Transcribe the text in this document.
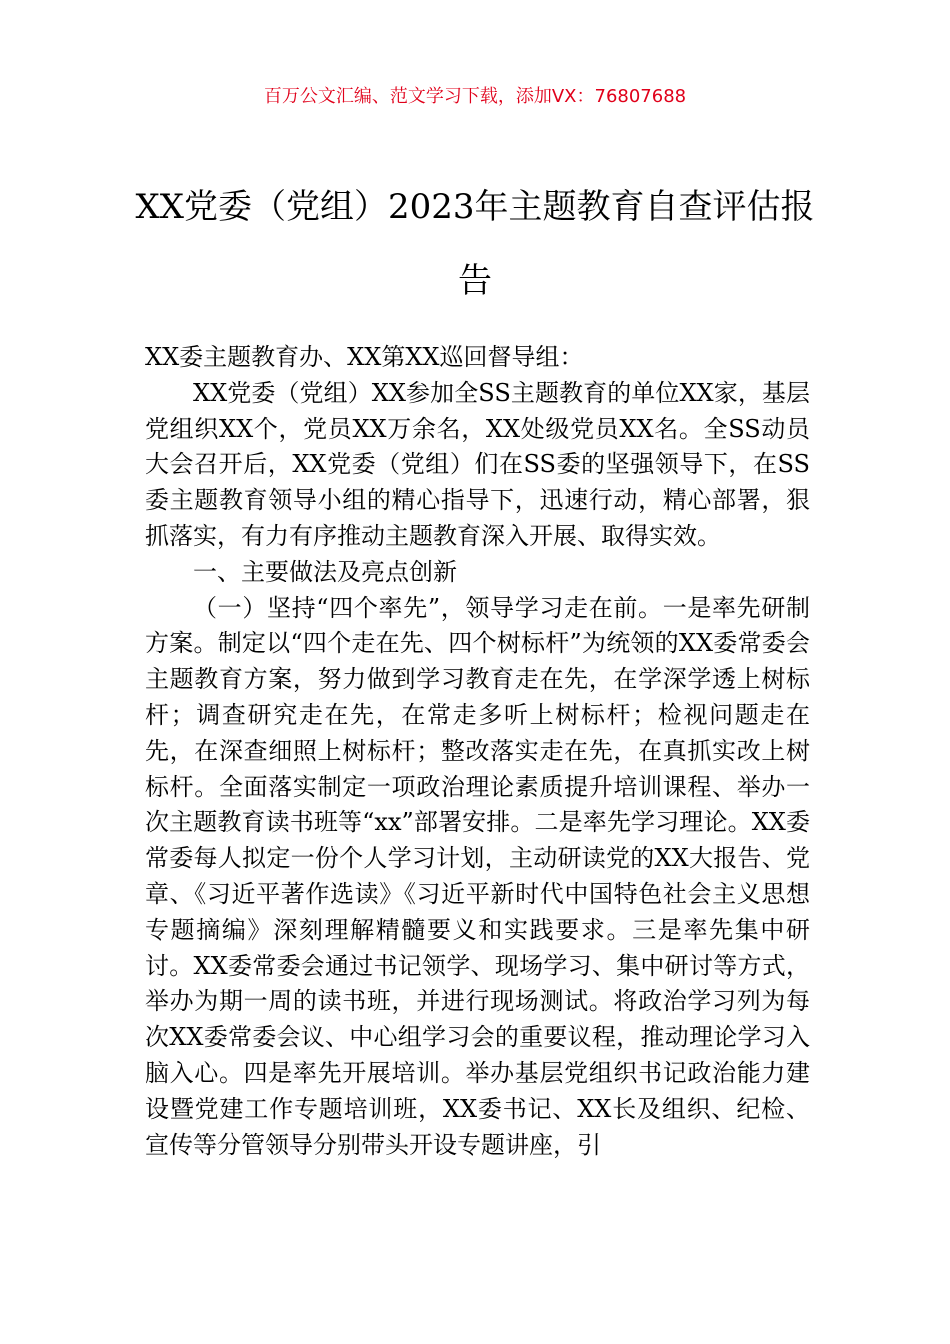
百万公文汇编、范文学习下载，添加VX：76807688
XX党委（党组）2023年主题教育自查评估报告

XX委主题教育办、XX第XX巡回督导组：

XX党委（党组）XX参加全SS主题教育的单位XX家，基层党组织XX个，党员XX万余名，XX处级党员XX名。全SS动员大会召开后，XX党委（党组）们在SS委的坚强领导下，在SS委主题教育领导小组的精心指导下，迅速行动，精心部署，狠抓落实，有力有序推动主题教育深入开展、取得实效。

一、主要做法及亮点创新

（一）坚持“四个率先”，领导学习走在前。一是率先研制方案。制定以“四个走在先、四个树标杆”为统领的XX委常委会主题教育方案，努力做到学习教育走在先，在学深学透上树标杆；调查研究走在先，在常走多听上树标杆；检视问题走在先，在深查细照上树标杆；整改落实走在先，在真抓实改上树标杆。全面落实制定一项政治理论素质提升培训课程、举办一次主题教育读书班等“xx”部署安排。二是率先学习理论。XX委常委每人拟定一份个人学习计划，主动研读党的XX大报告、党章、《习近平著作选读》《习近平新时代中国特色社会主义思想专题摘编》深刻理解精髓要义和实践要求。三是率先集中研讨。XX委常委会通过书记领学、现场学习、集中研讨等方式，举办为期一周的读书班，并进行现场测试。将政治学习列为每次XX委常委会议、中心组学习会的重要议程，推动理论学习入脑入心。四是率先开展培训。举办基层党组织书记政治能力建设暨党建工作专题培训班，XX委书记、XX长及组织、纪检、宣传等分管领导分别带头开设专题讲座，引
